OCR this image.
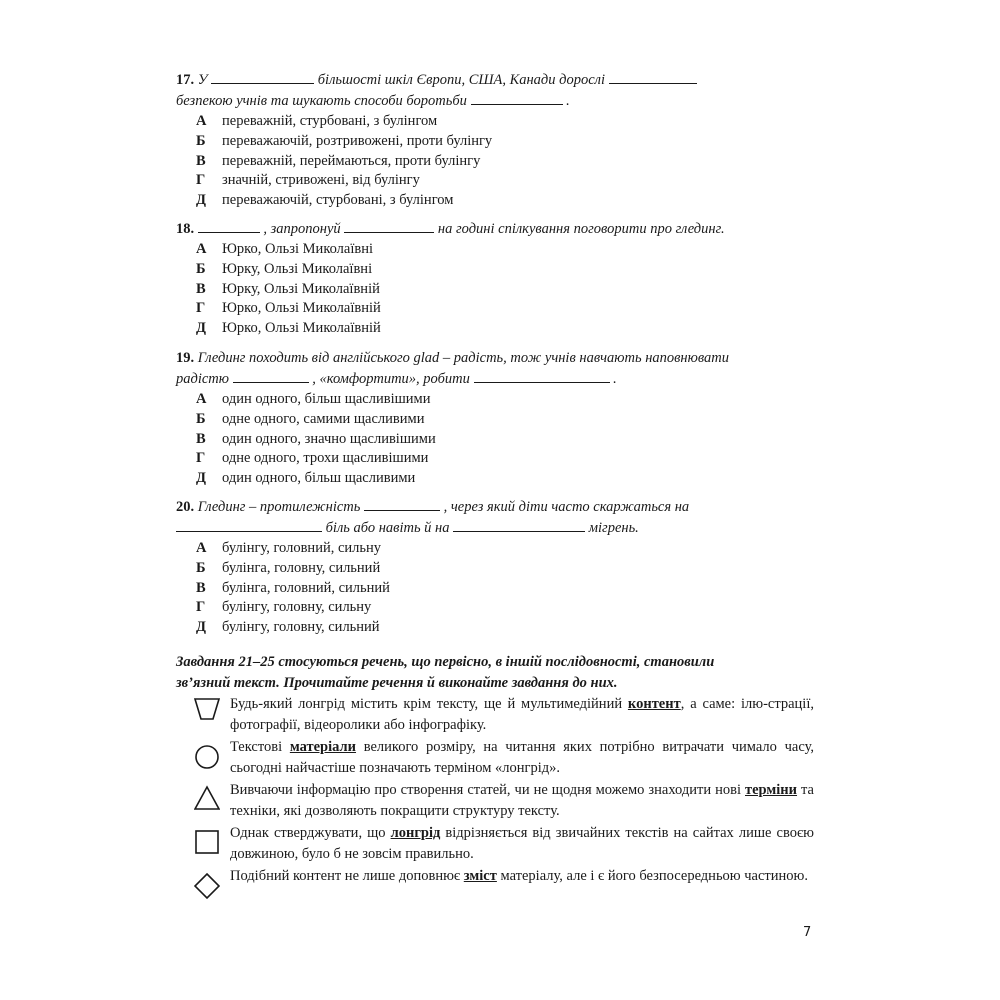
17. У	більшості шкіл Європи, США, Канади дорослі

безпекою учнів та шукають способи боротьби	.

А переважній, стурбовані, з булінгом
Б переважаючій, розтривожені, проти булінгу
В переважній, переймаються, проти булінгу
Г значній, стривожені, від булінгу
Д переважаючій, стурбовані, з булінгом

18.	, запропонуй	на годині спілкування поговорити про глединг.

А Юрко, Ользі Миколаївні
Б Юрку, Ользі Миколаївні
В Юрку, Ользі Миколаївній
Г Юрко, Ользі Миколаївній
Д Юрко, Ользі Миколаївній

19. Глединг походить від англійського glad – радість, тож учнів навчають наповнювати

радістю	, «комфортити», робити	.

А один одного, більш щасливішими
Б одне одного, самими щасливими
В один одного, значно щасливішими
Г одне одного, трохи щасливішими
Д один одного, більш щасливими

20. Глединг – протилежність	, через який діти часто скаржаться на

біль або навіть й на	мігрень.

А булінгу, головний, сильну
Б булінга, головну, сильний
В булінга, головний, сильний
Г булінгу, головну, сильну
Д булінгу, головну, сильний
Завдання 21–25 стосуються речень, що первісно, в іншій послідовності, становили
зв’язний текст. Прочитайте речення й виконайте завдання до них.

Будь-який лонгрід містить крім тексту, ще й мультимедійний контент, а саме: ілю-страції, фотографії, відеоролики або інфографіку.

Текстові матеріали великого розміру, на читання яких потрібно витрачати чимало часу, сьогодні найчастіше позначають терміном «лонгрід».

Вивчаючи інформацію про створення статей, чи не щодня можемо знаходити нові терміни та техніки, які дозволяють покращити структуру тексту.

Однак стверджувати, що лонгрід відрізняється від звичайних текстів на сайтах лише своєю довжиною, було б не зовсім правильно.

Подібний контент не лише доповнює зміст матеріалу, але і є його безпосередньою частиною.

7
